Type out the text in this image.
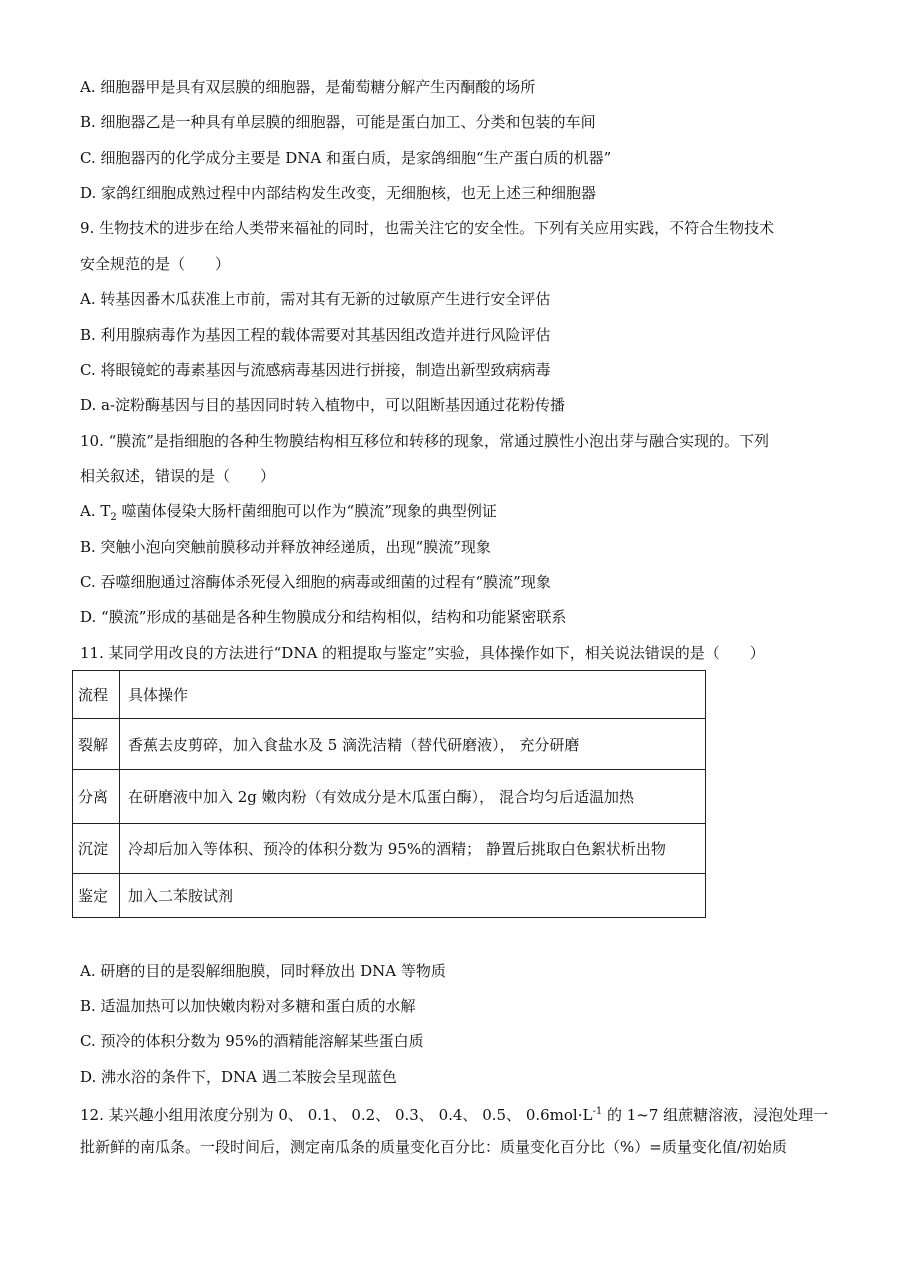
A. 细胞器甲是具有双层膜的细胞器，是葡萄糖分解产生丙酮酸的场所
B. 细胞器乙是一种具有单层膜的细胞器，可能是蛋白加工、分类和包装的车间
C. 细胞器丙的化学成分主要是 DNA 和蛋白质，是家鸽细胞“生产蛋白质的机器”
D. 家鸽红细胞成熟过程中内部结构发生改变，无细胞核，也无上述三种细胞器
9. 生物技术的进步在给人类带来福祉的同时，也需关注它的安全性。下列有关应用实践，不符合生物技术
安全规范的是（　　）
A. 转基因番木瓜获准上市前，需对其有无新的过敏原产生进行安全评估
B. 利用腺病毒作为基因工程的载体需要对其基因组改造并进行风险评估
C. 将眼镜蛇的毒素基因与流感病毒基因进行拼接，制造出新型致病病毒
D. a-淀粉酶基因与目的基因同时转入植物中，可以阻断基因通过花粉传播
10. “膜流”是指细胞的各种生物膜结构相互移位和转移的现象，常通过膜性小泡出芽与融合实现的。下列
相关叙述，错误的是（　　）
A. $T_2$ 噬菌体侵染大肠杆菌细胞可以作为“膜流”现象的典型例证
B. 突触小泡向突触前膜移动并释放神经递质，出现“膜流”现象
C. 吞噬细胞通过溶酶体杀死侵入细胞的病毒或细菌的过程有“膜流”现象
D. “膜流”形成的基础是各种生物膜成分和结构相似，结构和功能紧密联系
11. 某同学用改良的方法进行“DNA 的粗提取与鉴定”实验，具体操作如下，相关说法错误的是（　　）
流程	具体操作
裂解	香蕉去皮剪碎，加入食盐水及 5 滴洗洁精（替代研磨液）， 充分研磨
分离	在研磨液中加入 2g 嫩肉粉（有效成分是木瓜蛋白酶）， 混合均匀后适温加热
沉淀	冷却后加入等体积、预冷的体积分数为 95%的酒精； 静置后挑取白色絮状析出物
鉴定	加入二苯胺试剂
A. 研磨的目的是裂解细胞膜，同时释放出 DNA 等物质
B. 适温加热可以加快嫩肉粉对多糖和蛋白质的水解
C. 预冷的体积分数为 95%的酒精能溶解某些蛋白质
D. 沸水浴的条件下，DNA 遇二苯胺会呈现蓝色
12. 某兴趣小组用浓度分别为 0、 0.1、 0.2、 0.3、 0.4、 0.5、 $0.6mol\cdot L^{-1}$ 的 1~7 组蔗糖溶液，浸泡处理一
批新鲜的南瓜条。一段时间后，测定南瓜条的质量变化百分比：质量变化百分比（%）=质量变化值/初始质
